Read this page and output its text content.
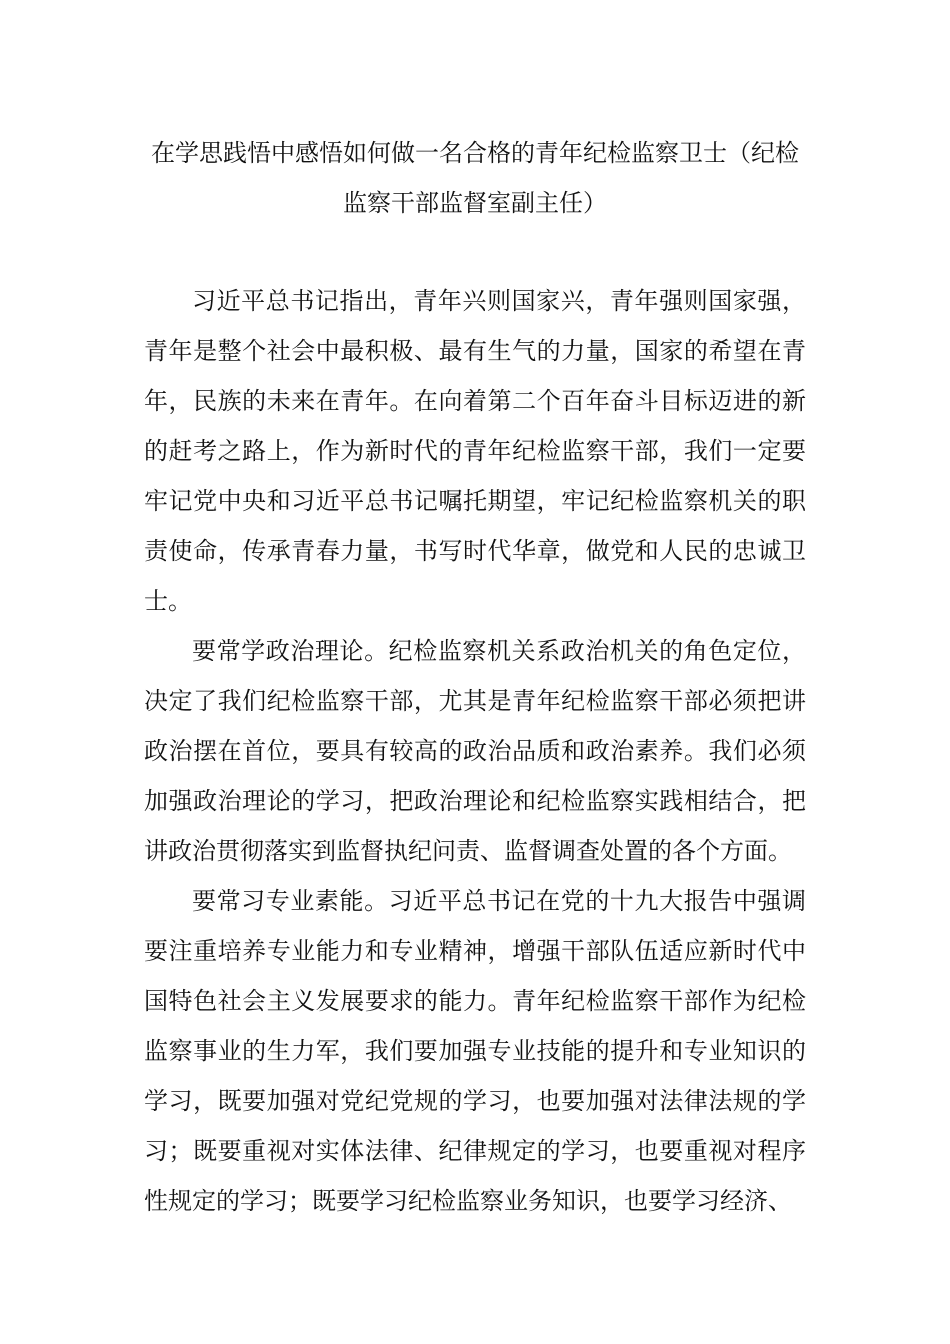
在学思践悟中感悟如何做一名合格的青年纪检监察卫士（纪检监察干部监督室副主任）

习近平总书记指出，青年兴则国家兴，青年强则国家强，青年是整个社会中最积极、最有生气的力量，国家的希望在青年，民族的未来在青年。在向着第二个百年奋斗目标迈进的新的赶考之路上，作为新时代的青年纪检监察干部，我们一定要牢记党中央和习近平总书记嘱托期望，牢记纪检监察机关的职责使命，传承青春力量，书写时代华章，做党和人民的忠诚卫士。

要常学政治理论。纪检监察机关系政治机关的角色定位，决定了我们纪检监察干部，尤其是青年纪检监察干部必须把讲政治摆在首位，要具有较高的政治品质和政治素养。我们必须加强政治理论的学习，把政治理论和纪检监察实践相结合，把讲政治贯彻落实到监督执纪问责、监督调查处置的各个方面。

要常习专业素能。习近平总书记在党的十九大报告中强调要注重培养专业能力和专业精神，增强干部队伍适应新时代中国特色社会主义发展要求的能力。青年纪检监察干部作为纪检监察事业的生力军，我们要加强专业技能的提升和专业知识的学习，既要加强对党纪党规的学习，也要加强对法律法规的学习；既要重视对实体法律、纪律规定的学习，也要重视对程序性规定的学习；既要学习纪检监察业务知识，也要学习经济、
